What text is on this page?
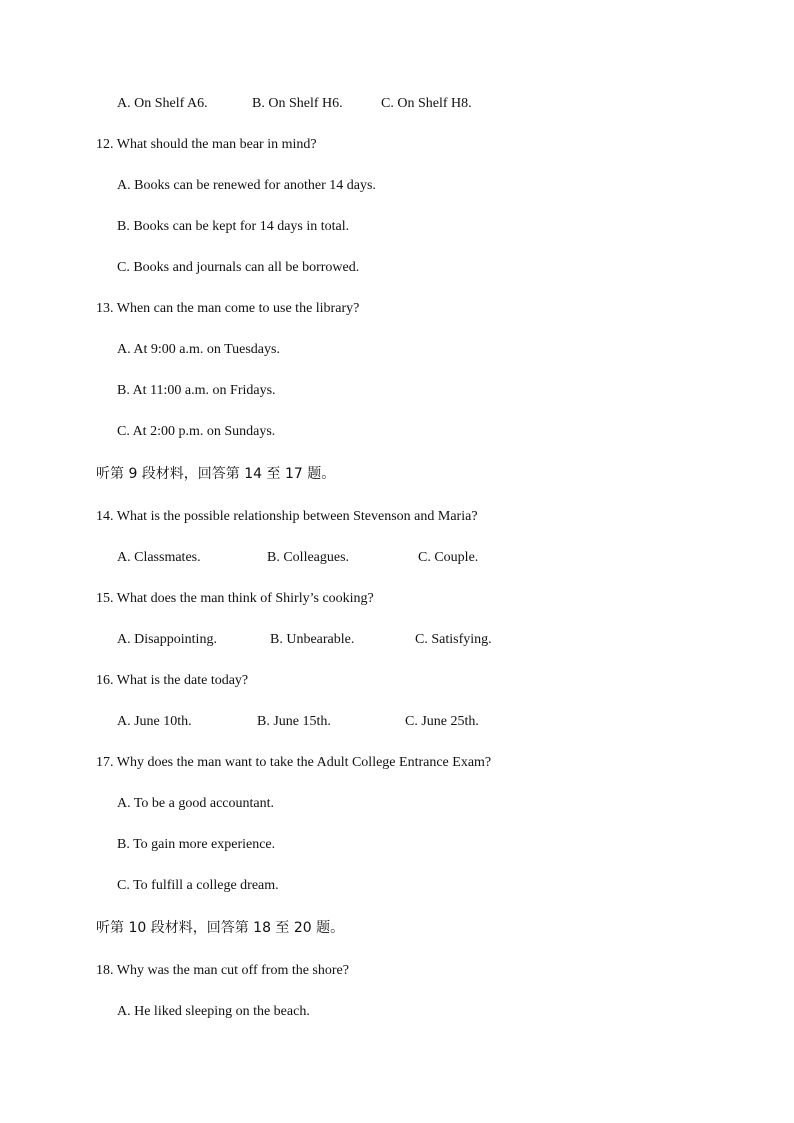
A. On Shelf A6.	B. On Shelf H6.	C. On Shelf H8.
12. What should the man bear in mind?
A. Books can be renewed for another 14 days.
B. Books can be kept for 14 days in total.
C. Books and journals can all be borrowed.
13. When can the man come to use the library?
A. At 9:00 a.m. on Tuesdays.
B. At 11:00 a.m. on Fridays.
C. At 2:00 p.m. on Sundays.
听第 9 段材料，回答第 14 至 17 题。
14. What is the possible relationship between Stevenson and Maria?
A. Classmates.	B. Colleagues.	C. Couple.
15. What does the man think of Shirly’s cooking?
A. Disappointing.	B. Unbearable.	C. Satisfying.
16. What is the date today?
A. June 10th.	B. June 15th.	C. June 25th.
17. Why does the man want to take the Adult College Entrance Exam?
A. To be a good accountant.
B. To gain more experience.
C. To fulfill a college dream.
听第 10 段材料，回答第 18 至 20 题。
18. Why was the man cut off from the shore?
A. He liked sleeping on the beach.
